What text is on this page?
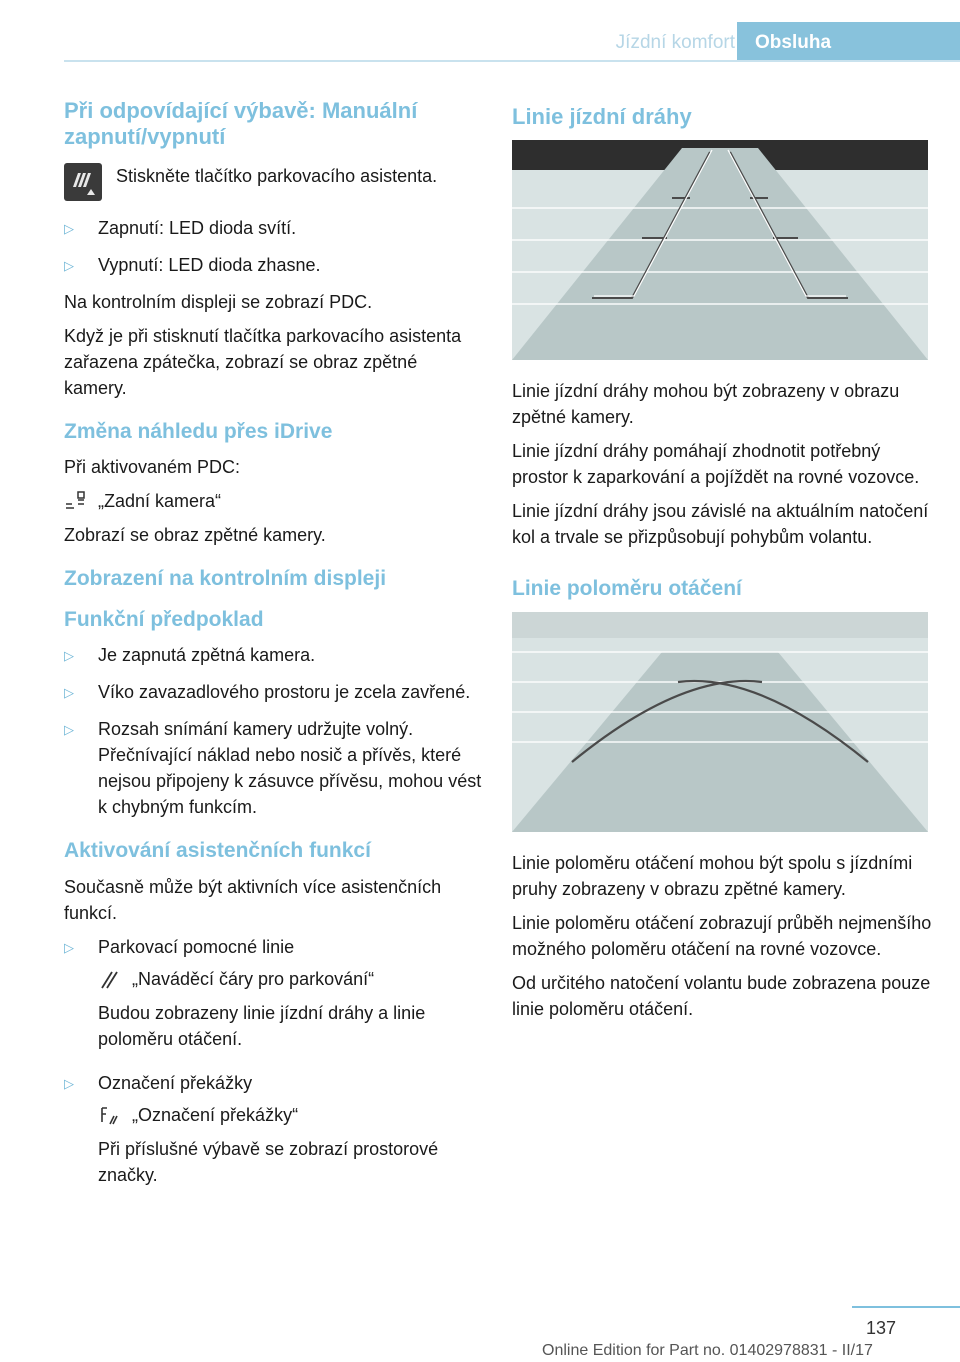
Jízdní komfort	Obsluha
Při odpovídající výbavě: Manuální zapnutí/vypnutí

Stiskněte tlačítko parkovacího asistenta.

▷	Zapnutí: LED dioda svítí.
▷	Vypnutí: LED dioda zhasne.

Na kontrolním displeji se zobrazí PDC.

Když je při stisknutí tlačítka parkovacího asistenta zařazena zpátečka, zobrazí se obraz zpětné kamery.

Změna náhledu přes iDrive

Při aktivovaném PDC:

„Zadní kamera“

Zobrazí se obraz zpětné kamery.

Zobrazení na kontrolním displeji
Funkční předpoklad
▷	Je zapnutá zpětná kamera.
▷	Víko zavazadlového prostoru je zcela zavřené.
▷	Rozsah snímání kamery udržujte volný. Přečnívající náklad nebo nosič a přívěs, které nejsou připojeny k zásuvce přívěsu, mohou vést k chybným funkcím.
Aktivování asistenčních funkcí

Současně může být aktivních více asistenčních funkcí.

▷	Parkovací pomocné linie
„Naváděcí čáry pro parkování“
Budou zobrazeny linie jízdní dráhy a linie poloměru otáčení.
▷	Označení překážky
„Označení překážky“
Při příslušné výbavě se zobrazí prostorové značky.
Linie jízdní dráhy

Linie jízdní dráhy mohou být zobrazeny v obrazu zpětné kamery.

Linie jízdní dráhy pomáhají zhodnotit potřebný prostor k zaparkování a pojíždět na rovné vozovce.

Linie jízdní dráhy jsou závislé na aktuálním natočení kol a trvale se přizpůsobují pohybům volantu.

Linie poloměru otáčení

Linie poloměru otáčení mohou být spolu s jízdními pruhy zobrazeny v obrazu zpětné kamery.

Linie poloměru otáčení zobrazují průběh nejmenšího možného poloměru otáčení na rovné vozovce.

Od určitého natočení volantu bude zobrazena pouze linie poloměru otáčení.

137
Online Edition for Part no. 01402978831 - II/17
